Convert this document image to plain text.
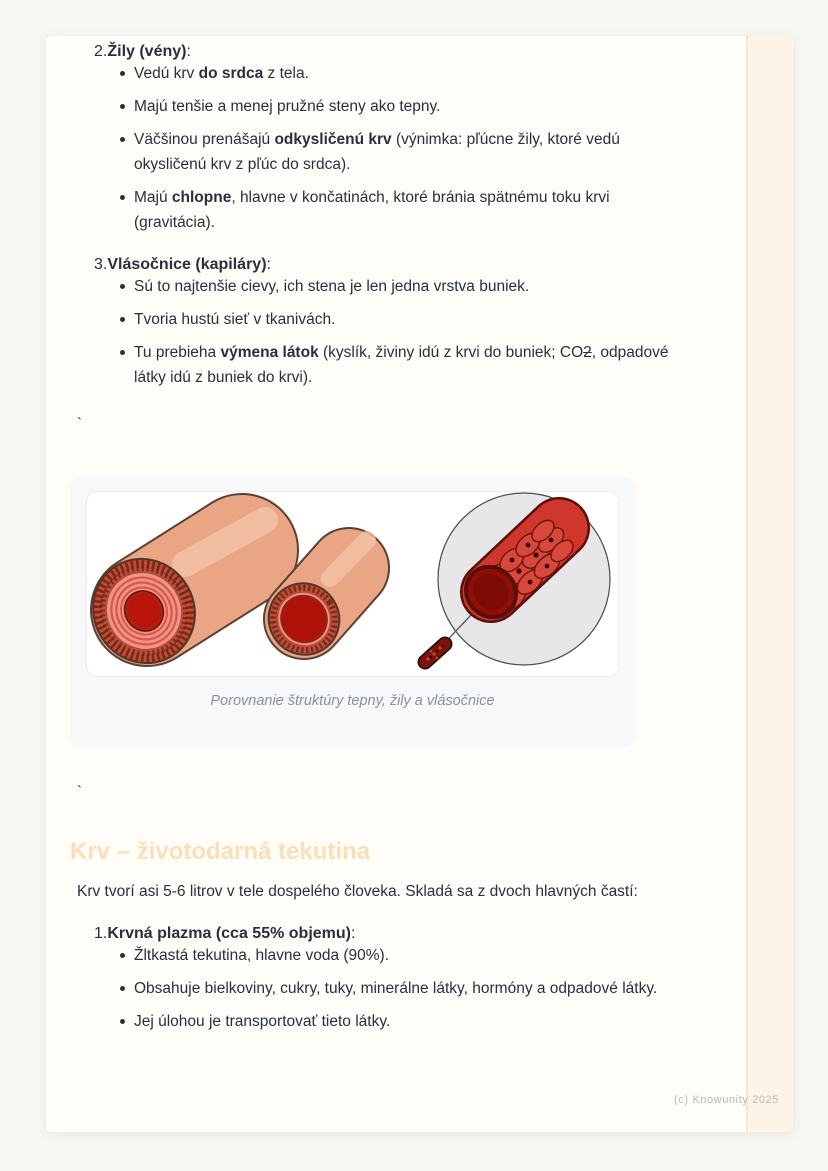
2.Žily (vény):
Vedú krv do srdca z tela.
Majú tenšie a menej pružné steny ako tepny.
Väčšinou prenášajú odkysličenú krv (výnimka: pľúcne žily, ktoré vedú okysličenú krv z pľúc do srdca).
Majú chlopne, hlavne v končatinách, ktoré bránia spätnému toku krvi (gravitácia).
3.Vlásočnice (kapiláry):
Sú to najtenšie cievy, ich stena je len jedna vrstva buniek.
Tvoria hustú sieť v tkanivách.
Tu prebieha výmena látok (kyslík, živiny idú z krvi do buniek; CO2, odpadové látky idú z buniek do krvi).
`
Porovnanie štruktúry tepny, žily a vlásočnice
`
Krv – životodarná tekutina

Krv tvorí asi 5-6 litrov v tele dospelého človeka. Skladá sa z dvoch hlavných častí:

1.Krvná plazma (cca 55% objemu):
Žltkastá tekutina, hlavne voda (90%).
Obsahuje bielkoviny, cukry, tuky, minerálne látky, hormóny a odpadové látky.
Jej úlohou je transportovať tieto látky.
(c) Knowunity 2025
